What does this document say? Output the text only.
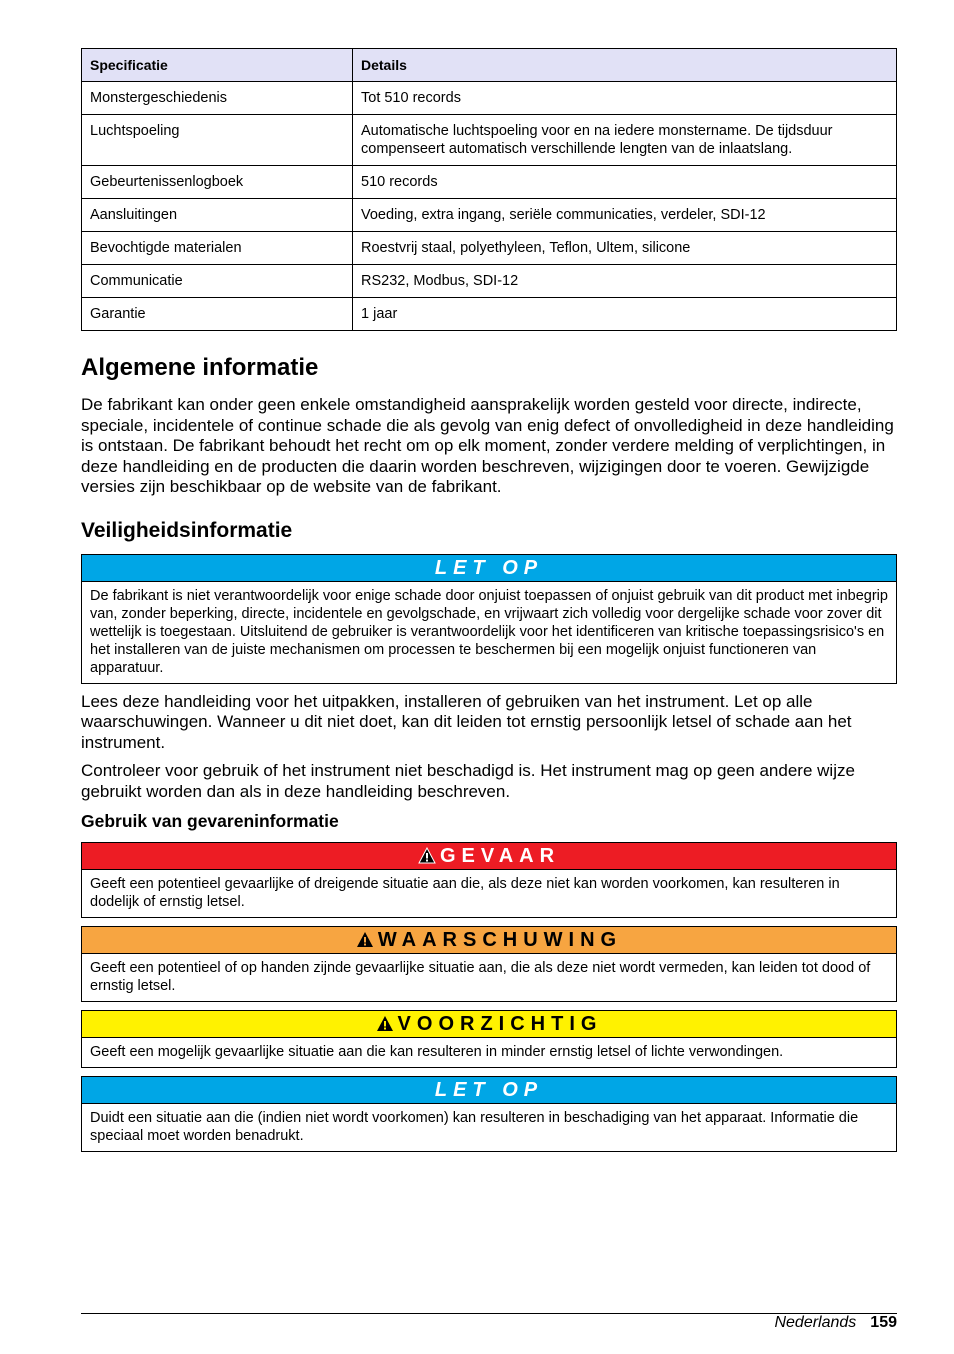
Specificatie	Details
Monstergeschiedenis	Tot 510 records
Luchtspoeling	Automatische luchtspoeling voor en na iedere monstername. De tijdsduur compenseert automatisch verschillende lengten van de inlaatslang.
Gebeurtenissenlogboek	510 records
Aansluitingen	Voeding, extra ingang, seriële communicaties, verdeler, SDI-12
Bevochtigde materialen	Roestvrij staal, polyethyleen, Teflon, Ultem, silicone
Communicatie	RS232, Modbus, SDI-12
Garantie	1 jaar
Algemene informatie

De fabrikant kan onder geen enkele omstandigheid aansprakelijk worden gesteld voor directe, indirecte, speciale, incidentele of continue schade die als gevolg van enig defect of onvolledigheid in deze handleiding is ontstaan. De fabrikant behoudt het recht om op elk moment, zonder verdere melding of verplichtingen, in deze handleiding en de producten die daarin worden beschreven, wijzigingen door te voeren. Gewijzigde versies zijn beschikbaar op de website van de fabrikant.

Veiligheidsinformatie
LET OP
De fabrikant is niet verantwoordelijk voor enige schade door onjuist toepassen of onjuist gebruik van dit product met inbegrip van, zonder beperking, directe, incidentele en gevolgschade, en vrijwaart zich volledig voor dergelijke schade voor zover dit wettelijk is toegestaan. Uitsluitend de gebruiker is verantwoordelijk voor het identificeren van kritische toepassingsrisico's en het installeren van de juiste mechanismen om processen te beschermen bij een mogelijk onjuist functioneren van apparatuur.

Lees deze handleiding voor het uitpakken, installeren of gebruiken van het instrument. Let op alle waarschuwingen. Wanneer u dit niet doet, kan dit leiden tot ernstig persoonlijk letsel of schade aan het instrument.

Controleer voor gebruik of het instrument niet beschadigd is. Het instrument mag op geen andere wijze gebruikt worden dan als in deze handleiding beschreven.

Gebruik van gevareninformatie
GEVAAR
Geeft een potentieel gevaarlijke of dreigende situatie aan die, als deze niet kan worden voorkomen, kan resulteren in dodelijk of ernstig letsel.
WAARSCHUWING
Geeft een potentieel of op handen zijnde gevaarlijke situatie aan, die als deze niet wordt vermeden, kan leiden tot dood of ernstig letsel.
VOORZICHTIG
Geeft een mogelijk gevaarlijke situatie aan die kan resulteren in minder ernstig letsel of lichte verwondingen.
LET OP
Duidt een situatie aan die (indien niet wordt voorkomen) kan resulteren in beschadiging van het apparaat. Informatie die speciaal moet worden benadrukt.
Nederlands 159
